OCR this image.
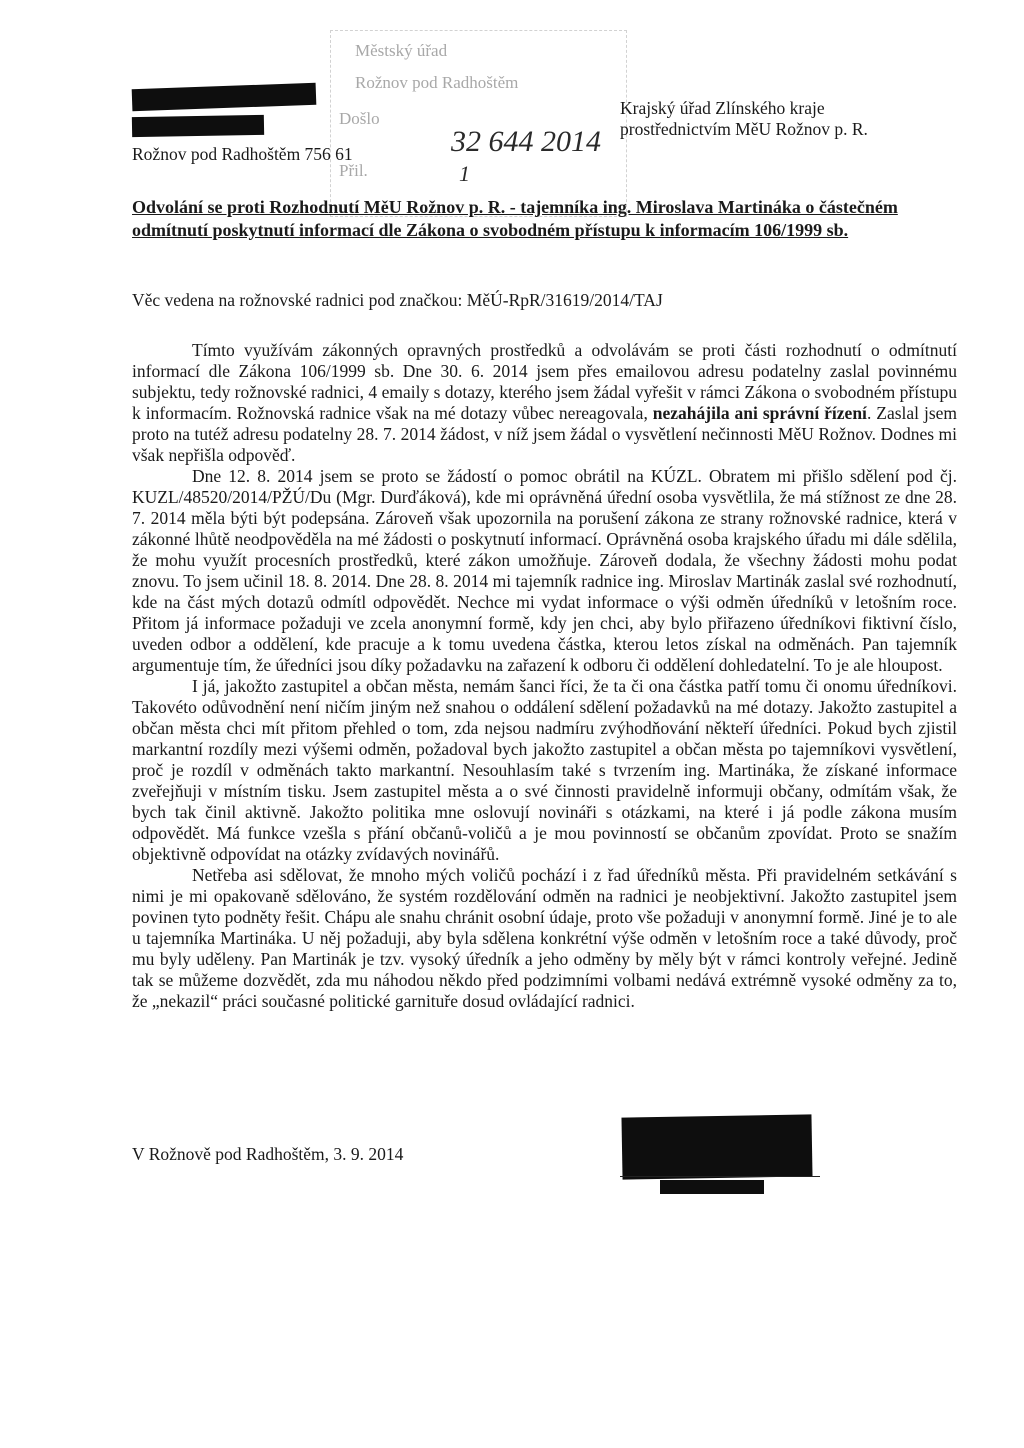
Městský úřad
Rožnov pod Radhoštěm
Došlo
Přil.
32 644 2014
1
Rožnov pod Radhoštěm 756 61
Krajský úřad Zlínského kraje
prostřednictvím MěU Rožnov p. R.
Odvolání se proti Rozhodnutí MěU Rožnov p. R. - tajemníka ing. Miroslava Martináka o částečném odmítnutí poskytnutí informací dle Zákona o svobodném přístupu k informacím 106/1999 sb.
Věc vedena na rožnovské radnici pod značkou: MěÚ-RpR/31619/2014/TAJ

Tímto využívám zákonných opravných prostředků a odvolávám se proti části rozhodnutí o odmítnutí informací dle Zákona 106/1999 sb. Dne 30. 6. 2014 jsem přes emailovou adresu podatelny zaslal povinnému subjektu, tedy rožnovské radnici, 4 emaily s dotazy, kterého jsem žádal vyřešit v rámci Zákona o svobodném přístupu k informacím. Rožnovská radnice však na mé dotazy vůbec nereagovala, nezahájila ani správní řízení. Zaslal jsem proto na tutéž adresu podatelny 28. 7. 2014 žádost, v níž jsem žádal o vysvětlení nečinnosti MěU Rožnov. Dodnes mi však nepřišla odpověď.

Dne 12. 8. 2014 jsem se proto se žádostí o pomoc obrátil na KÚZL. Obratem mi přišlo sdělení pod čj. KUZL/48520/2014/PŽÚ/Du (Mgr. Durďáková), kde mi oprávněná úřední osoba vysvětlila, že má stížnost ze dne 28. 7. 2014 měla býti být podepsána. Zároveň však upozornila na porušení zákona ze strany rožnovské radnice, která v zákonné lhůtě neodpověděla na mé žádosti o poskytnutí informací. Oprávněná osoba krajského úřadu mi dále sdělila, že mohu využít procesních prostředků, které zákon umožňuje. Zároveň dodala, že všechny žádosti mohu podat znovu. To jsem učinil 18. 8. 2014. Dne 28. 8. 2014 mi tajemník radnice ing. Miroslav Martinák zaslal své rozhodnutí, kde na část mých dotazů odmítl odpovědět. Nechce mi vydat informace o výši odměn úředníků v letošním roce. Přitom já informace požaduji ve zcela anonymní formě, kdy jen chci, aby bylo přiřazeno úředníkovi fiktivní číslo, uveden odbor a oddělení, kde pracuje a k tomu uvedena částka, kterou letos získal na odměnách. Pan tajemník argumentuje tím, že úředníci jsou díky požadavku na zařazení k odboru či oddělení dohledatelní. To je ale hloupost.

I já, jakožto zastupitel a občan města, nemám šanci říci, že ta či ona částka patří tomu či onomu úředníkovi. Takovéto odůvodnění není ničím jiným než snahou o oddálení sdělení požadavků na mé dotazy. Jakožto zastupitel a občan města chci mít přitom přehled o tom, zda nejsou nadmíru zvýhodňování někteří úředníci. Pokud bych zjistil markantní rozdíly mezi výšemi odměn, požadoval bych jakožto zastupitel a občan města po tajemníkovi vysvětlení, proč je rozdíl v odměnách takto markantní. Nesouhlasím také s tvrzením ing. Martináka, že získané informace zveřejňuji v místním tisku. Jsem zastupitel města a o své činnosti pravidelně informuji občany, odmítám však, že bych tak činil aktivně. Jakožto politika mne oslovují novináři s otázkami, na které i já podle zákona musím odpovědět. Má funkce vzešla s přání občanů-voličů a je mou povinností se občanům zpovídat. Proto se snažím objektivně odpovídat na otázky zvídavých novinářů.

Netřeba asi sdělovat, že mnoho mých voličů pochází i z řad úředníků města. Při pravidelném setkávání s nimi je mi opakovaně sdělováno, že systém rozdělování odměn na radnici je neobjektivní. Jakožto zastupitel jsem povinen tyto podněty řešit. Chápu ale snahu chránit osobní údaje, proto vše požaduji v anonymní formě. Jiné je to ale u tajemníka Martináka. U něj požaduji, aby byla sdělena konkrétní výše odměn v letošním roce a také důvody, proč mu byly uděleny. Pan Martinák je tzv. vysoký úředník a jeho odměny by měly být v rámci kontroly veřejné. Jedině tak se můžeme dozvědět, zda mu náhodou někdo před podzimními volbami nedává extrémně vysoké odměny za to, že „nekazil“ práci současné politické garnituře dosud ovládající radnici.

V Rožnově pod Radhoštěm, 3. 9. 2014
